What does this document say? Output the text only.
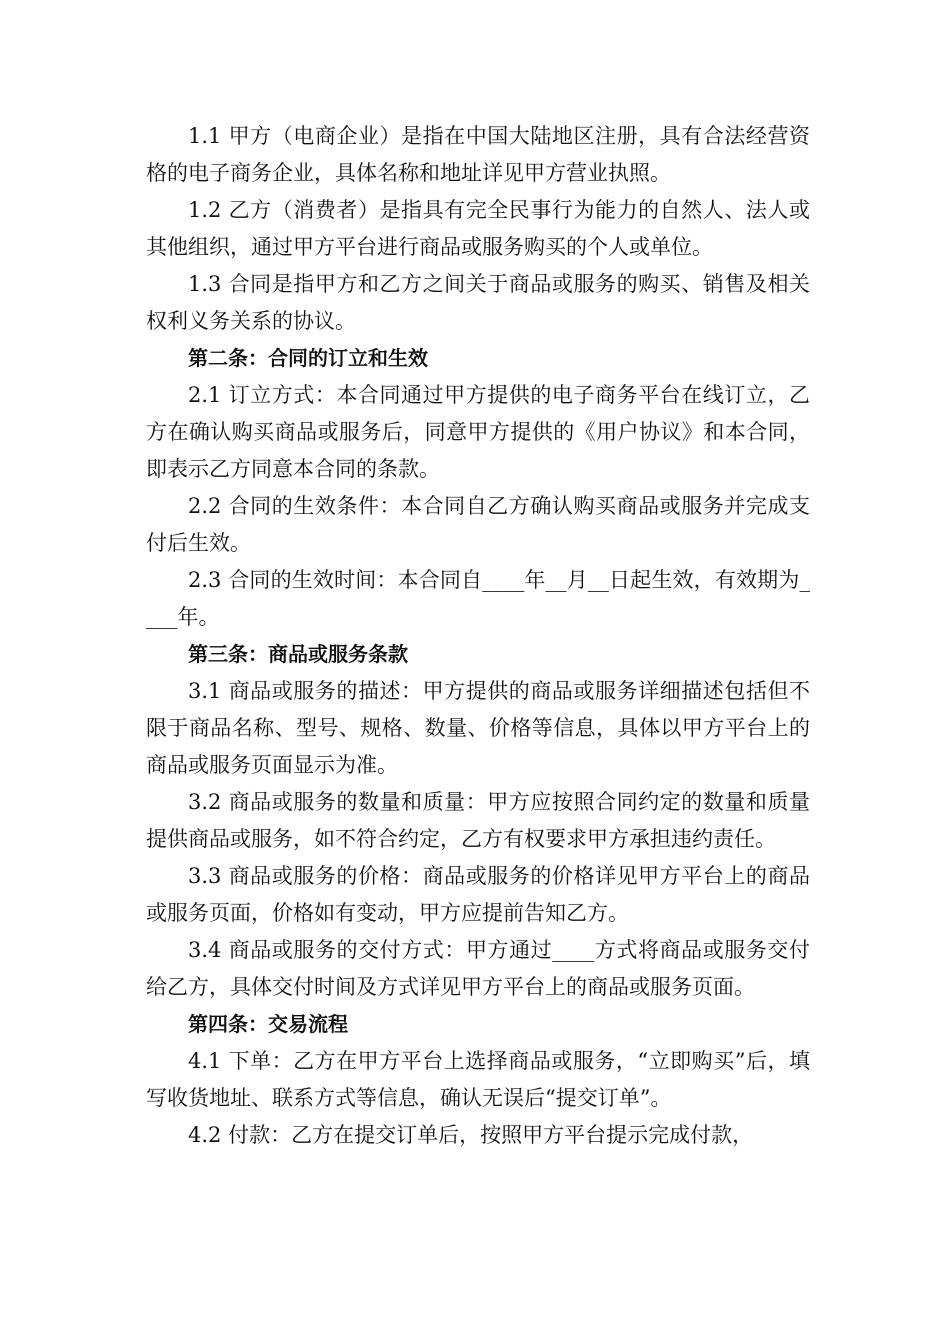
1.1 甲方（电商企业）是指在中国大陆地区注册，具有合法经营资格的电子商务企业，具体名称和地址详见甲方营业执照。

1.2 乙方（消费者）是指具有完全民事行为能力的自然人、法人或其他组织，通过甲方平台进行商品或服务购买的个人或单位。

1.3 合同是指甲方和乙方之间关于商品或服务的购买、销售及相关权利义务关系的协议。

第二条：合同的订立和生效

2.1 订立方式：本合同通过甲方提供的电子商务平台在线订立，乙方在确认购买商品或服务后，同意甲方提供的《用户协议》和本合同，即表示乙方同意本合同的条款。

2.2 合同的生效条件：本合同自乙方确认购买商品或服务并完成支付后生效。

2.3 合同的生效时间：本合同自____年__月__日起生效，有效期为____年。

第三条：商品或服务条款

3.1 商品或服务的描述：甲方提供的商品或服务详细描述包括但不限于商品名称、型号、规格、数量、价格等信息，具体以甲方平台上的商品或服务页面显示为准。

3.2 商品或服务的数量和质量：甲方应按照合同约定的数量和质量提供商品或服务，如不符合约定，乙方有权要求甲方承担违约责任。

3.3 商品或服务的价格：商品或服务的价格详见甲方平台上的商品或服务页面，价格如有变动，甲方应提前告知乙方。

3.4 商品或服务的交付方式：甲方通过____方式将商品或服务交付给乙方，具体交付时间及方式详见甲方平台上的商品或服务页面。

第四条：交易流程

4.1 下单：乙方在甲方平台上选择商品或服务，“立即购买”后，填写收货地址、联系方式等信息，确认无误后“提交订单”。

4.2 付款：乙方在提交订单后，按照甲方平台提示完成付款，
